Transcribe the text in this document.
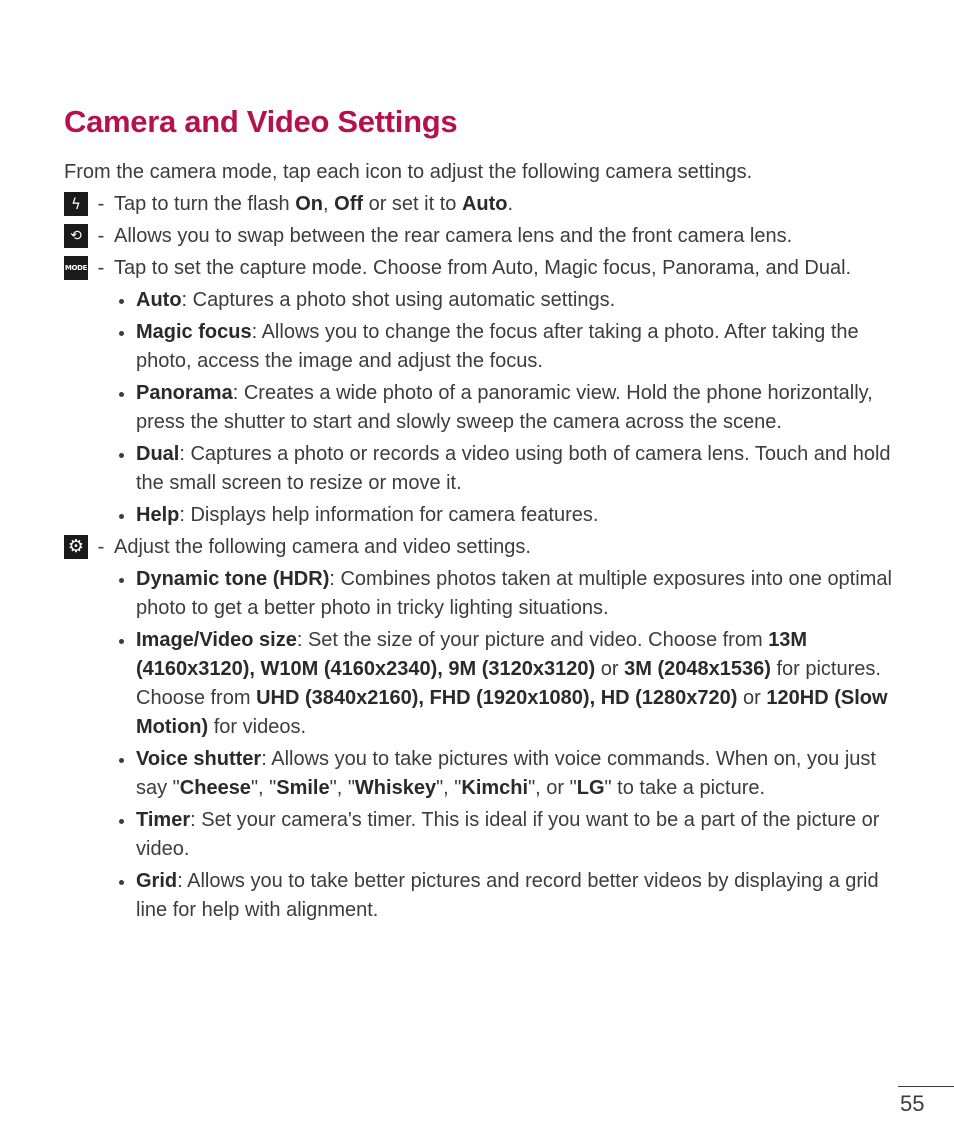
Camera and Video Settings

From the camera mode, tap each icon to adjust the following camera settings.

ϟ - Tap to turn the flash On, Off or set it to Auto.
⟲ - Allows you to swap between the rear camera lens and the front camera lens.
MODE - Tap to set the capture mode. Choose from Auto, Magic focus, Panorama, and Dual.
Auto: Captures a photo shot using automatic settings.
Magic focus: Allows you to change the focus after taking a photo. After taking the photo, access the image and adjust the focus.
Panorama: Creates a wide photo of a panoramic view. Hold the phone horizontally, press the shutter to start and slowly sweep the camera across the scene.
Dual: Captures a photo or records a video using both of camera lens. Touch and hold the small screen to resize or move it.
Help: Displays help information for camera features.
⚙ - Adjust the following camera and video settings.
Dynamic tone (HDR): Combines photos taken at multiple exposures into one optimal photo to get a better photo in tricky lighting situations.
Image/Video size: Set the size of your picture and video. Choose from 13M (4160x3120), W10M (4160x2340), 9M (3120x3120) or 3M (2048x1536) for pictures. Choose from UHD (3840x2160), FHD (1920x1080), HD (1280x720) or 120HD (Slow Motion) for videos.
Voice shutter: Allows you to take pictures with voice commands. When on, you just say "Cheese", "Smile", "Whiskey", "Kimchi", or "LG" to take a picture.
Timer: Set your camera's timer. This is ideal if you want to be a part of the picture or video.
Grid: Allows you to take better pictures and record better videos by displaying a grid line for help with alignment.
55
